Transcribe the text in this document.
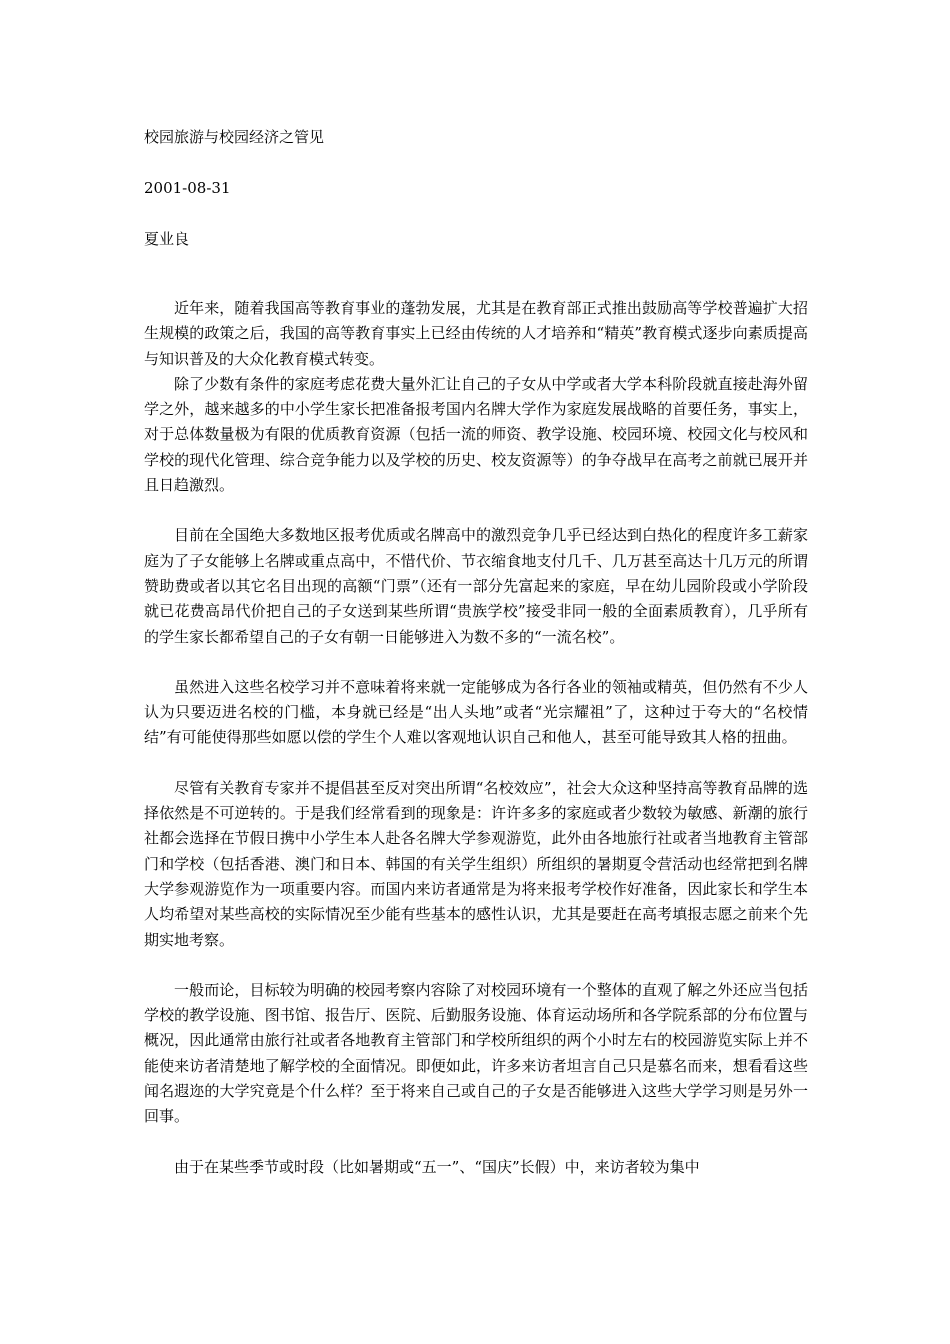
校园旅游与校园经济之管见
2001-08-31
夏业良

近年来，随着我国高等教育事业的蓬勃发展，尤其是在教育部正式推出鼓励高等学校普遍扩大招生规模的政策之后，我国的高等教育事实上已经由传统的人才培养和“精英”教育模式逐步向素质提高与知识普及的大众化教育模式转变。

除了少数有条件的家庭考虑花费大量外汇让自己的子女从中学或者大学本科阶段就直接赴海外留学之外，越来越多的中小学生家长把准备报考国内名牌大学作为家庭发展战略的首要任务，事实上，对于总体数量极为有限的优质教育资源（包括一流的师资、教学设施、校园环境、校园文化与校风和学校的现代化管理、综合竞争能力以及学校的历史、校友资源等）的争夺战早在高考之前就已展开并且日趋激烈。

目前在全国绝大多数地区报考优质或名牌高中的激烈竞争几乎已经达到白热化的程度许多工薪家庭为了子女能够上名牌或重点高中，不惜代价、节衣缩食地支付几千、几万甚至高达十几万元的所谓赞助费或者以其它名目出现的高额“门票”（还有一部分先富起来的家庭，早在幼儿园阶段或小学阶段就已花费高昂代价把自己的子女送到某些所谓“贵族学校”接受非同一般的全面素质教育），几乎所有的学生家长都希望自己的子女有朝一日能够进入为数不多的“一流名校”。

虽然进入这些名校学习并不意味着将来就一定能够成为各行各业的领袖或精英，但仍然有不少人认为只要迈进名校的门槛，本身就已经是“出人头地”或者“光宗耀祖”了，这种过于夸大的“名校情结”有可能使得那些如愿以偿的学生个人难以客观地认识自己和他人，甚至可能导致其人格的扭曲。

尽管有关教育专家并不提倡甚至反对突出所谓“名校效应”，社会大众这种坚持高等教育品牌的选择依然是不可逆转的。于是我们经常看到的现象是：许许多多的家庭或者少数较为敏感、新潮的旅行社都会选择在节假日携中小学生本人赴各名牌大学参观游览，此外由各地旅行社或者当地教育主管部门和学校（包括香港、澳门和日本、韩国的有关学生组织）所组织的暑期夏令营活动也经常把到名牌大学参观游览作为一项重要内容。而国内来访者通常是为将来报考学校作好准备，因此家长和学生本人均希望对某些高校的实际情况至少能有些基本的感性认识，尤其是要赶在高考填报志愿之前来个先期实地考察。

一般而论，目标较为明确的校园考察内容除了对校园环境有一个整体的直观了解之外还应当包括学校的教学设施、图书馆、报告厅、医院、后勤服务设施、体育运动场所和各学院系部的分布位置与概况，因此通常由旅行社或者各地教育主管部门和学校所组织的两个小时左右的校园游览实际上并不能使来访者清楚地了解学校的全面情况。即便如此，许多来访者坦言自己只是慕名而来，想看看这些闻名遐迩的大学究竟是个什么样？至于将来自己或自己的子女是否能够进入这些大学学习则是另外一回事。

由于在某些季节或时段（比如暑期或“五一”、“国庆”长假）中，来访者较为集中
